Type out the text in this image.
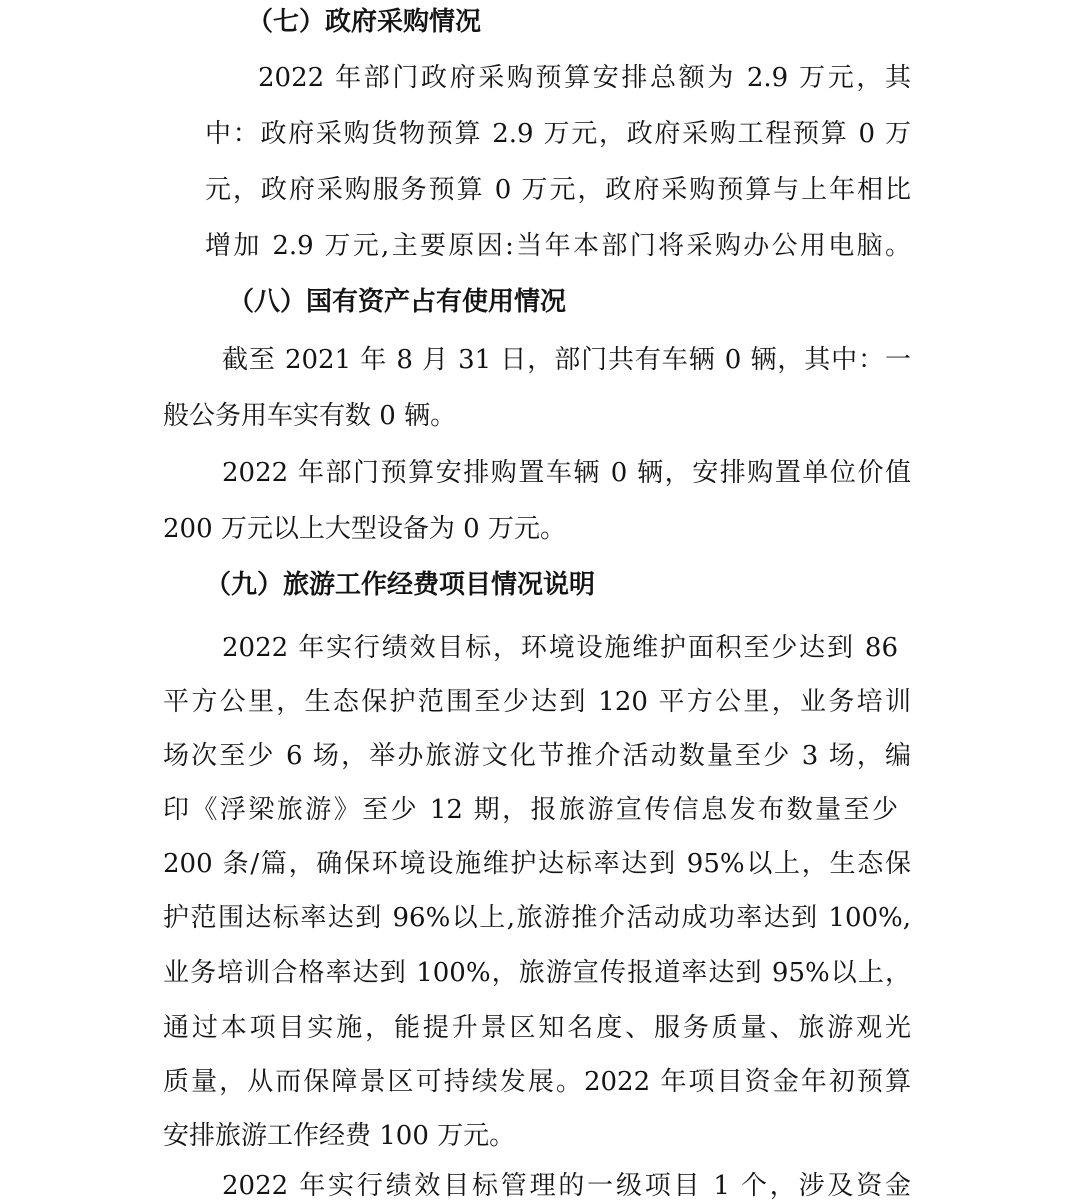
（七）政府采购情况
2022 年部门政府采购预算安排总额为 2.9 万元，其
中：政府采购货物预算 2.9 万元，政府采购工程预算 0 万
元，政府采购服务预算 0 万元，政府采购预算与上年相比
增加 2.9 万元,主要原因:当年本部门将采购办公用电脑。
（八）国有资产占有使用情况
截至 2021 年 8 月 31 日，部门共有车辆 0 辆，其中：一
般公务用车实有数 0 辆。
2022 年部门预算安排购置车辆 0 辆，安排购置单位价值
200 万元以上大型设备为 0 万元。
（九）旅游工作经费项目情况说明
2022 年实行绩效目标，环境设施维护面积至少达到 86
平方公里，生态保护范围至少达到 120 平方公里，业务培训
场次至少 6 场，举办旅游文化节推介活动数量至少 3 场，编
印《浮梁旅游》至少 12 期，报旅游宣传信息发布数量至少
200 条/篇，确保环境设施维护达标率达到 95%以上，生态保
护范围达标率达到 96%以上,旅游推介活动成功率达到 100%,
业务培训合格率达到 100%，旅游宣传报道率达到 95%以上，
通过本项目实施，能提升景区知名度、服务质量、旅游观光
质量，从而保障景区可持续发展。2022 年项目资金年初预算
安排旅游工作经费 100 万元。
2022 年实行绩效目标管理的一级项目 1 个，涉及资金
